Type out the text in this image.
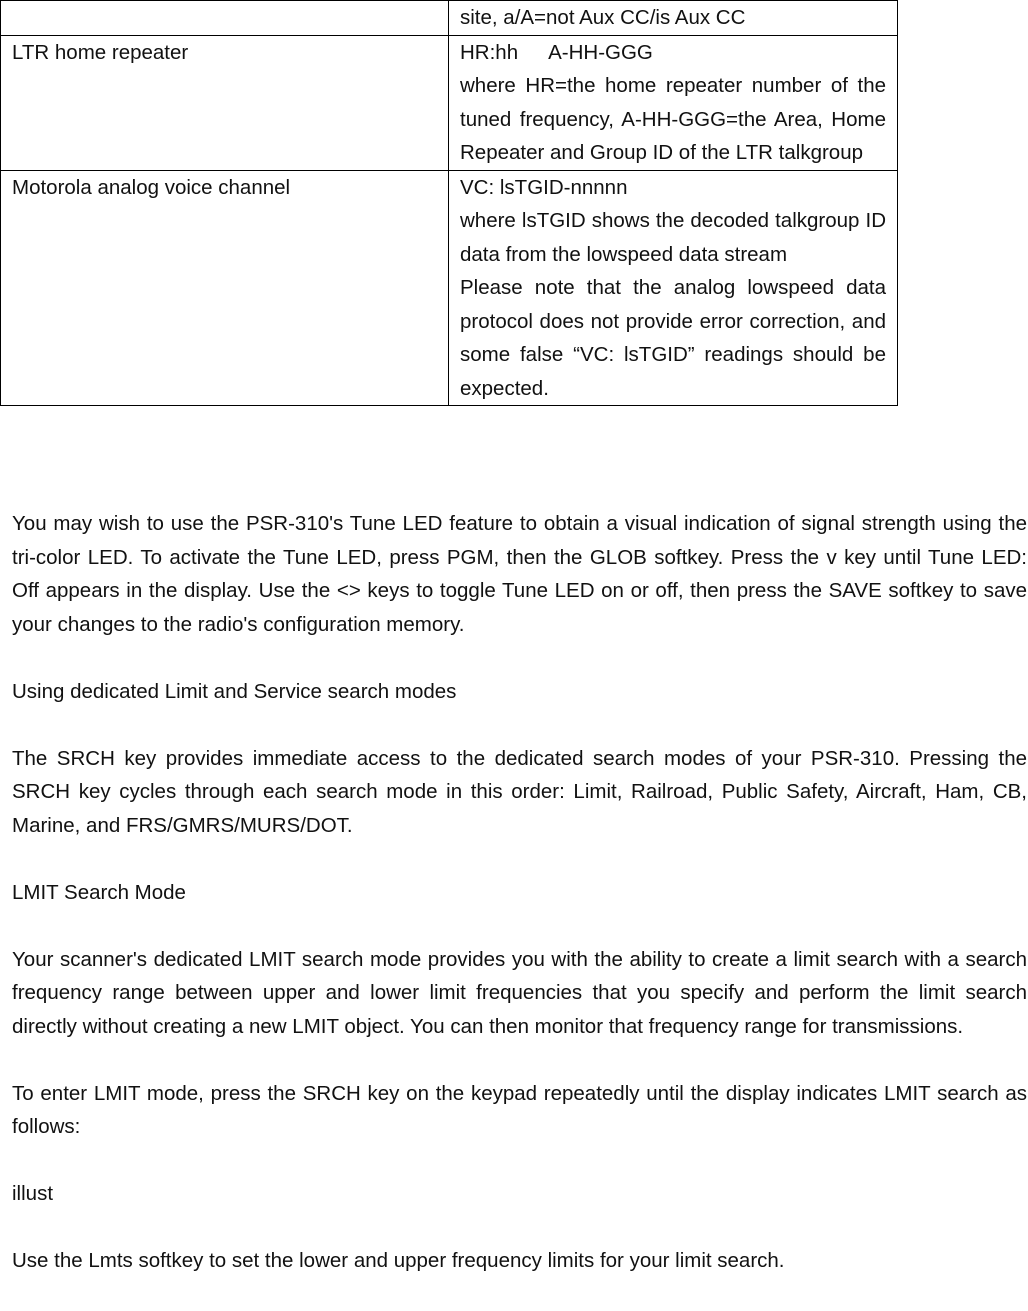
	site, a/A=not Aux CC/is Aux CC
LTR home repeater	HR:hh A-HH-GGG
where HR=the home repeater number of the tuned frequency, A-HH-GGG=the Area, Home Repeater and Group ID of the LTR talkgroup

Motorola analog voice channel	VC: lsTGID-nnnnn
where lsTGID shows the decoded talkgroup ID data from the lowspeed data stream
Please note that the analog lowspeed data protocol does not provide error correction, and some false “VC: lsTGID” readings should be expected.

You may wish to use the PSR-310's Tune LED feature to obtain a visual indication of signal strength using the tri-color LED. To activate the Tune LED, press PGM, then the GLOB softkey. Press the v key until Tune LED: Off appears in the display. Use the <> keys to toggle Tune LED on or off, then press the SAVE softkey to save your changes to the radio's configuration memory.

Using dedicated Limit and Service search modes

The SRCH key provides immediate access to the dedicated search modes of your PSR-310. Pressing the SRCH key cycles through each search mode in this order: Limit, Railroad, Public Safety, Aircraft, Ham, CB, Marine, and FRS/GMRS/MURS/DOT.

LMIT Search Mode

Your scanner's dedicated LMIT search mode provides you with the ability to create a limit search with a search frequency range between upper and lower limit frequencies that you specify and perform the limit search directly without creating a new LMIT object. You can then monitor that frequency range for transmissions.

To enter LMIT mode, press the SRCH key on the keypad repeatedly until the display indicates LMIT search as follows:

illust

Use the Lmts softkey to set the lower and upper frequency limits for your limit search.
